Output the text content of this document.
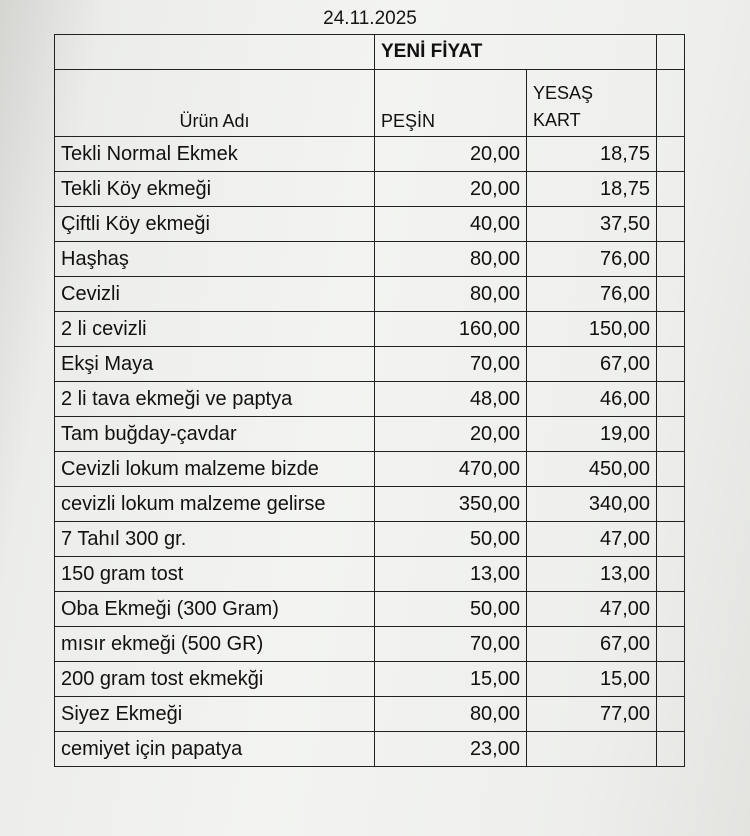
24.11.2025
	YENİ FİYAT		
Ürün Adı	PEŞİN	YESAŞ
KART	
Tekli Normal Ekmek	20,00	18,75	
Tekli Köy ekmeği	20,00	18,75	
Çiftli Köy ekmeği	40,00	37,50	
Haşhaş	80,00	76,00	
Cevizli	80,00	76,00	
2 li cevizli	160,00	150,00	
Ekşi Maya	70,00	67,00	
2 li tava ekmeği ve paptya	48,00	46,00	
Tam buğday-çavdar	20,00	19,00	
Cevizli lokum malzeme bizde	470,00	450,00	
cevizli lokum malzeme gelirse	350,00	340,00	
7 Tahıl 300 gr.	50,00	47,00	
150 gram tost	13,00	13,00	
Oba Ekmeği (300 Gram)	50,00	47,00	
mısır ekmeği (500 GR)	70,00	67,00	
200 gram tost ekmekği	15,00	15,00	
Siyez Ekmeği	80,00	77,00	
cemiyet için papatya	23,00		
